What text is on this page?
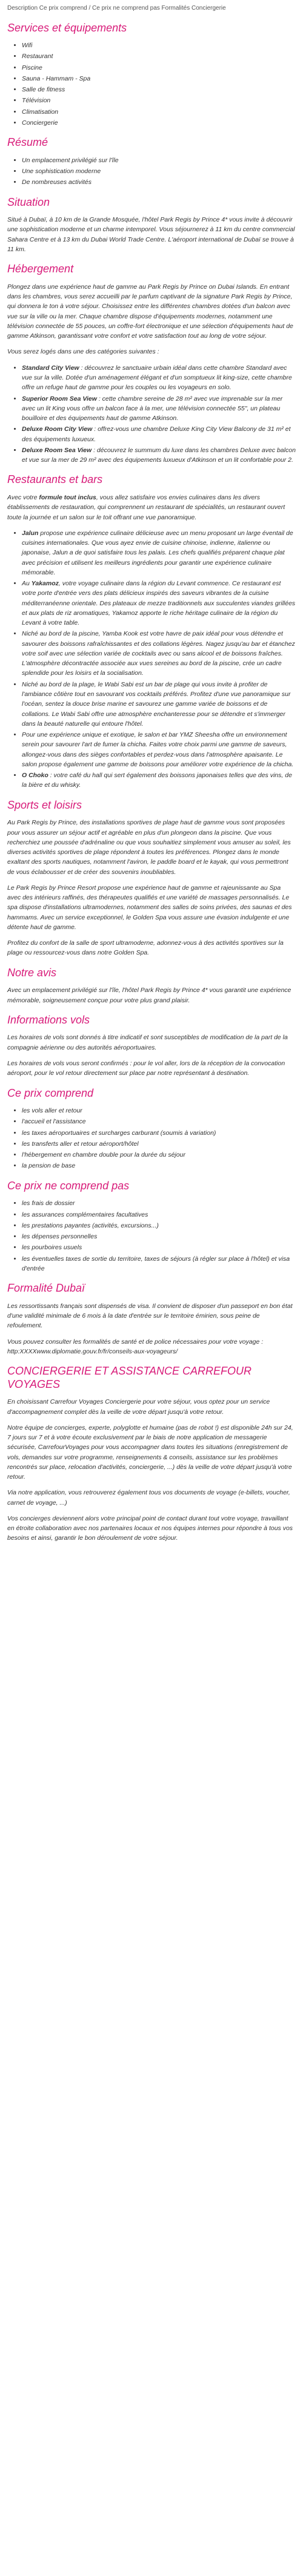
Description Ce prix comprend / Ce prix ne comprend pas Formalités Conciergerie
Services et équipements
• Wifi
• Restaurant
• Piscine
• Sauna - Hammam - Spa
• Salle de fitness
• Télévision
• Climatisation
• Conciergerie
Résumé
• Un emplacement privilégié sur l'île
• Une sophistication moderne
• De nombreuses activités
Situation

Situé à Dubaï, à 10 km de la Grande Mosquée, l'hôtel Park Regis by Prince 4* vous invite à découvrir une sophistication moderne et un charme intemporel. Vous séjournerez à 11 km du centre commercial Sahara Centre et à 13 km du Dubai World Trade Centre. L'aéroport international de Dubaï se trouve à 11 km.

Hébergement

Plongez dans une expérience haut de gamme au Park Regis by Prince on Dubai Islands. En entrant dans les chambres, vous serez accueilli par le parfum captivant de la signature Park Regis by Prince, qui donnera le ton à votre séjour. Choisissez entre les différentes chambres dotées d'un balcon avec vue sur la ville ou la mer. Chaque chambre dispose d'équipements modernes, notamment une télévision connectée de 55 pouces, un coffre-fort électronique et une sélection d'équipements haut de gamme Atkinson, garantissant votre confort et votre satisfaction tout au long de votre séjour.

Vous serez logés dans une des catégories suivantes :

• Standard City View : découvrez le sanctuaire urbain idéal dans cette chambre Standard avec vue sur la ville. Dotée d'un aménagement élégant et d'un somptueux lit king-size, cette chambre offre un refuge haut de gamme pour les couples ou les voyageurs en solo.
• Superior Room Sea View : cette chambre sereine de 28 m² avec vue imprenable sur la mer avec un lit King vous offre un balcon face à la mer, une télévision connectée 55", un plateau bouilloire et des équipements haut de gamme Atkinson.
• Deluxe Room City View : offrez-vous une chambre Deluxe King City View Balcony de 31 m² et des équipements luxueux.
• Deluxe Room Sea View : découvrez le summum du luxe dans les chambres Deluxe avec balcon et vue sur la mer de 29 m² avec des équipements luxueux d'Atkinson et un lit confortable pour 2.
Restaurants et bars

Avec votre formule tout inclus, vous allez satisfaire vos envies culinaires dans les divers établissements de restauration, qui comprennent un restaurant de spécialités, un restaurant ouvert toute la journée et un salon sur le toit offrant une vue panoramique.

• Jalun propose une expérience culinaire délicieuse avec un menu proposant un large éventail de cuisines internationales. Que vous ayez envie de cuisine chinoise, indienne, italienne ou japonaise, Jalun a de quoi satisfaire tous les palais. Les chefs qualifiés préparent chaque plat avec précision et utilisent les meilleurs ingrédients pour garantir une expérience culinaire mémorable.
• Au Yakamoz, votre voyage culinaire dans la région du Levant commence. Ce restaurant est votre porte d'entrée vers des plats délicieux inspirés des saveurs vibrantes de la cuisine méditerranéenne orientale. Des plateaux de mezze traditionnels aux succulentes viandes grillées et aux plats de riz aromatiques, Yakamoz apporte le riche héritage culinaire de la région du Levant à votre table.
• Niché au bord de la piscine, Yamba Kook est votre havre de paix idéal pour vous détendre et savourer des boissons rafraîchissantes et des collations légères. Nagez jusqu'au bar et étanchez votre soif avec une sélection variée de cocktails avec ou sans alcool et de boissons fraîches. L'atmosphère décontractée associée aux vues sereines au bord de la piscine, crée un cadre splendide pour les loisirs et la socialisation.
• Niché au bord de la plage, le Wabi Sabi est un bar de plage qui vous invite à profiter de l'ambiance côtière tout en savourant vos cocktails préférés. Profitez d'une vue panoramique sur l'océan, sentez la douce brise marine et savourez une gamme variée de boissons et de collations. Le Wabi Sabi offre une atmosphère enchanteresse pour se détendre et s'immerger dans la beauté naturelle qui entoure l'hôtel.
• Pour une expérience unique et exotique, le salon et bar YMZ Sheesha offre un environnement serein pour savourer l'art de fumer la chicha. Faites votre choix parmi une gamme de saveurs, allongez-vous dans des sièges confortables et perdez-vous dans l'atmosphère apaisante. Le salon propose également une gamme de boissons pour améliorer votre expérience de la chicha.
• O Choko : votre café du hall qui sert également des boissons japonaises telles que des vins, de la bière et du whisky.
Sports et loisirs

Au Park Regis by Prince, des installations sportives de plage haut de gamme vous sont proposées pour vous assurer un séjour actif et agréable en plus d'un plongeon dans la piscine. Que vous recherchiez une poussée d'adrénaline ou que vous souhaitiez simplement vous amuser au soleil, les diverses activités sportives de plage répondent à toutes les préférences. Plongez dans le monde exaltant des sports nautiques, notamment l'aviron, le paddle board et le kayak, qui vous permettront de vous éclabousser et de créer des souvenirs inoubliables.

Le Park Regis by Prince Resort propose une expérience haut de gamme et rajeunissante au Spa avec des intérieurs raffinés, des thérapeutes qualifiés et une variété de massages personnalisés. Le spa dispose d'installations ultramodernes, notamment des salles de soins privées, des saunas et des hammams. Avec un service exceptionnel, le Golden Spa vous assure une évasion indulgente et une détente haut de gamme.

Profitez du confort de la salle de sport ultramoderne, adonnez-vous à des activités sportives sur la plage ou ressourcez-vous dans notre Golden Spa.

Notre avis

Avec un emplacement privilégié sur l'île, l'hôtel Park Regis by Prince 4* vous garantit une expérience mémorable, soigneusement conçue pour votre plus grand plaisir.

Informations vols

Les horaires de vols sont donnés à titre indicatif et sont susceptibles de modification de la part de la compagnie aérienne ou des autorités aéroportuaires.

Les horaires de vols vous seront confirmés : pour le vol aller, lors de la réception de la convocation aéroport, pour le vol retour directement sur place par notre représentant à destination.

Ce prix comprend
• les vols aller et retour
• l'accueil et l'assistance
• les taxes aéroportuaires et surcharges carburant (soumis à variation)
• les transferts aller et retour aéroport/hôtel
• l'hébergement en chambre double pour la durée du séjour
• la pension de base
Ce prix ne comprend pas
• les frais de dossier
• les assurances complémentaires facultatives
• les prestations payantes (activités, excursions...)
• les dépenses personnelles
• les pourboires usuels
• les éventuelles taxes de sortie du territoire, taxes de séjours (à régler sur place à l'hôtel) et visa d'entrée
Formalité Dubaï

Les ressortissants français sont dispensés de visa. Il convient de disposer d'un passeport en bon état d'une validité minimale de 6 mois à la date d'entrée sur le territoire émirien, sous peine de refoulement.

Vous pouvez consulter les formalités de santé et de police nécessaires pour votre voyage : http:XXXXwww.diplomatie.gouv.fr/fr/conseils-aux-voyageurs/

CONCIERGERIE ET ASSISTANCE CARREFOUR VOYAGES

En choisissant Carrefour Voyages Conciergerie pour votre séjour, vous optez pour un service d'accompagnement complet dès la veille de votre départ jusqu'à votre retour.

Notre équipe de concierges, experte, polyglotte et humaine (pas de robot !) est disponible 24h sur 24, 7 jours sur 7 et à votre écoute exclusivement par le biais de notre application de messagerie sécurisée, CarrefourVoyages pour vous accompagner dans toutes les situations (enregistrement de vols, demandes sur votre programme, renseignements & conseils, assistance sur les problèmes rencontrés sur place, relocation d'activités, conciergerie, ...) dès la veille de votre départ jusqu'à votre retour.

Via notre application, vous retrouverez également tous vos documents de voyage (e-billets, voucher, carnet de voyage, ...)

Vos concierges deviennent alors votre principal point de contact durant tout votre voyage, travaillant en étroite collaboration avec nos partenaires locaux et nos équipes internes pour répondre à tous vos besoins et ainsi, garantir le bon déroulement de votre séjour.
